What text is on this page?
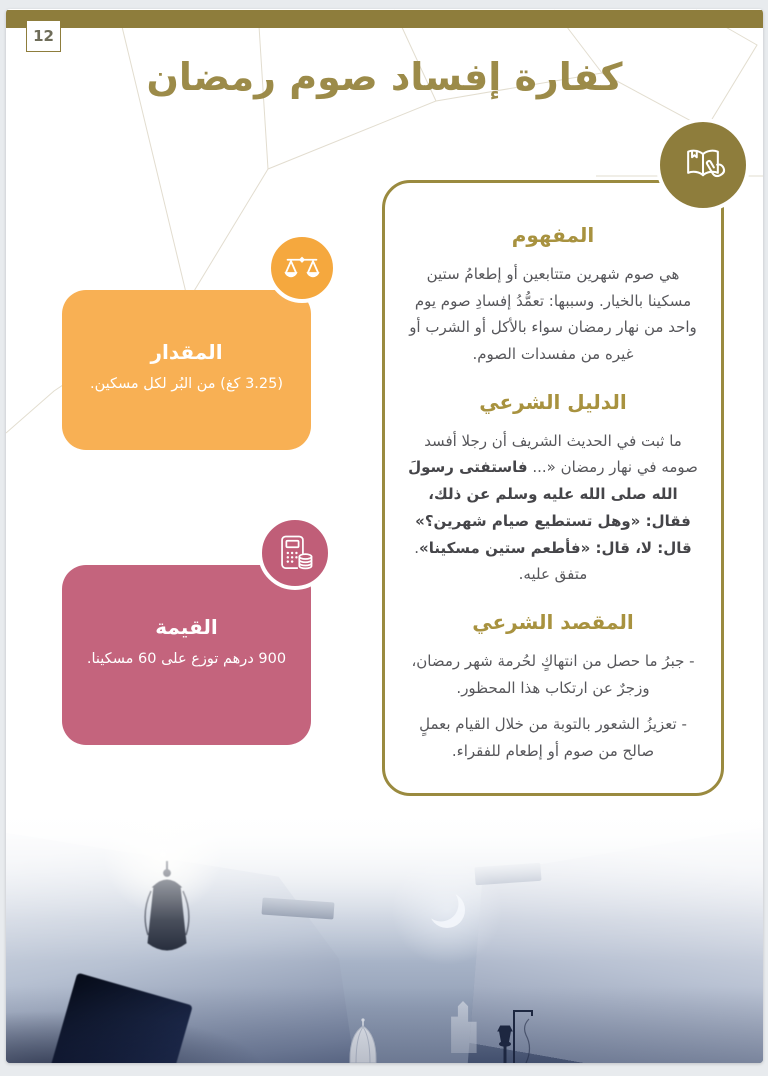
12
كفارة إفساد صوم رمضان
المفهوم

هي صوم شهرين متتابعين أو إطعامُ ستين مسكينا بالخيار. وسببها: تعمُّدُ إفسادِ صوم يوم واحد من نهار رمضان سواء بالأكل أو الشرب أو غيره من مفسدات الصوم.

الدليل الشرعي

ما ثبت في الحديث الشريف أن رجلا أفسد صومه في نهار رمضان «... فاستفتى رسولَ الله صلى الله عليه وسلم عن ذلك، فقال: «وهل تستطيع صيام شهرين؟» قال: لا، قال: «فأطعم ستين مسكينا». متفق عليه.

المقصد الشرعي

- جبرُ ما حصل من انتهاكٍ لحُرمة شهر رمضان، وزجرٌ عن ارتكاب هذا المحظور.

- تعزيزُ الشعور بالتوبة من خلال القيام بعملٍ صالح من صوم أو إطعام للفقراء.

المقدار

(3.25 كغ) من البُر لكل مسكين.

القيمة

900 درهم توزع على 60 مسكينا.
